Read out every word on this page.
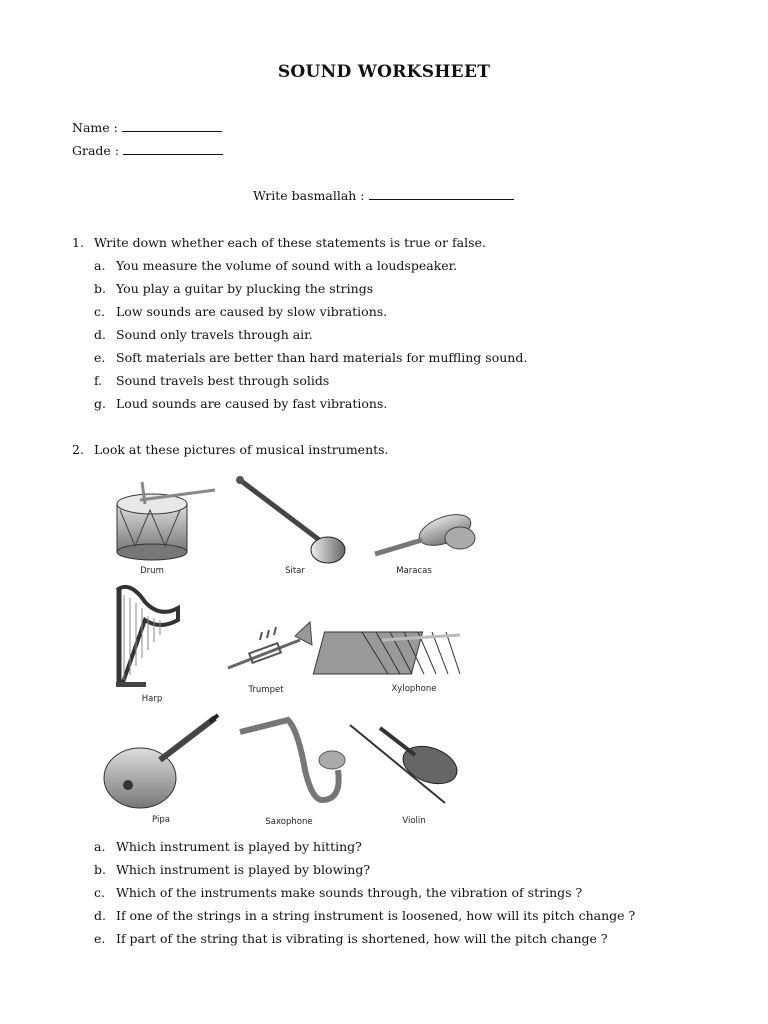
SOUND WORKSHEET
Name :
Grade :
Write basmallah :
1. Write down whether each of these statements is true or false.
a. You measure the volume of sound with a loudspeaker.
b. You play a guitar by plucking the strings
c. Low sounds are caused by slow vibrations.
d. Sound only travels through air.
e. Soft materials are better than hard materials for muffling sound.
f. Sound travels best through solids
g. Loud sounds are caused by fast vibrations.
2. Look at these pictures of musical instruments.
Drum	Sitar	Maracas
Harp
Trumpet	Xylophone
Pipa	Saxophone	Violin
a. Which instrument is played by hitting?
b. Which instrument is played by blowing?
c. Which of the instruments make sounds through, the vibration of strings ?
d. If one of the strings in a string instrument is loosened, how will its pitch change ?
e. If part of the string that is vibrating is shortened, how will the pitch change ?
